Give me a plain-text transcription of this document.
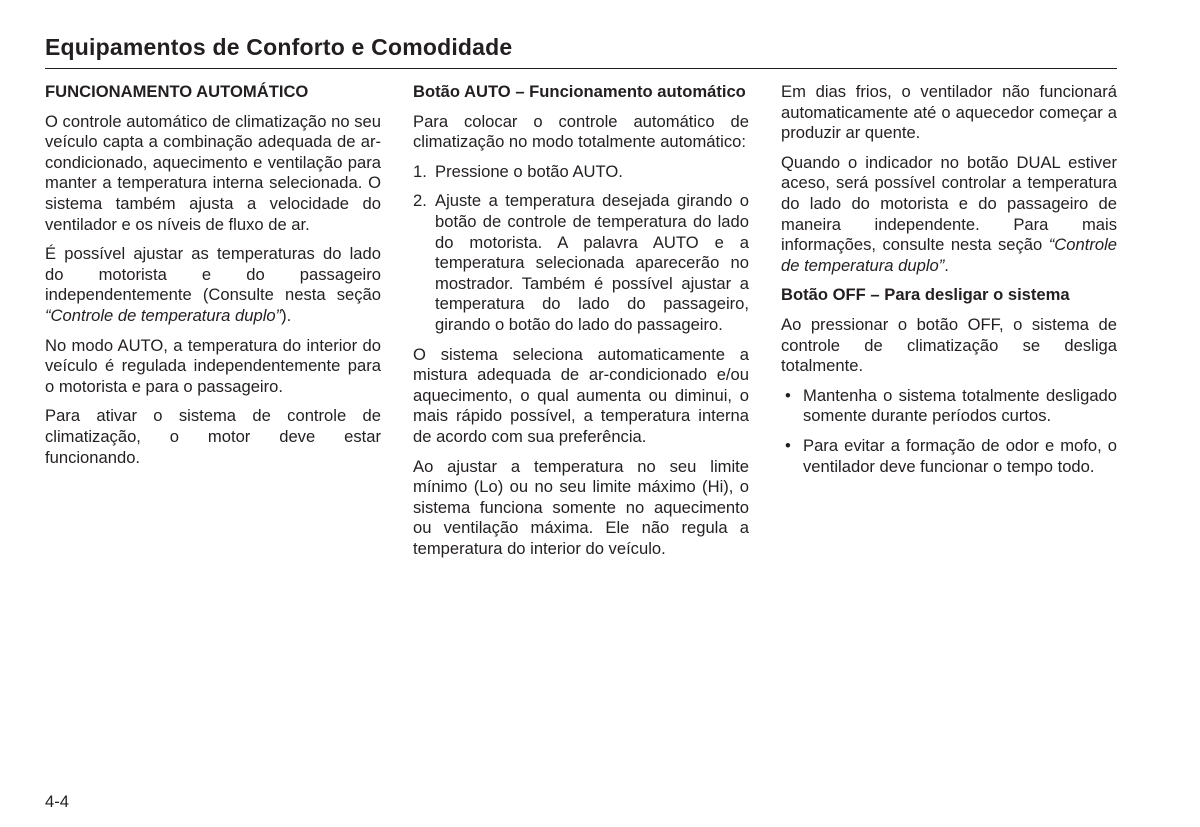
Equipamentos de Conforto e Comodidade
FUNCIONAMENTO AUTOMÁTICO

O controle automático de climatização no seu veículo capta a combinação adequada de ar-condicionado, aquecimento e ventilação para manter a temperatura interna selecionada. O sistema também ajusta a velocidade do ventilador e os níveis de fluxo de ar.

É possível ajustar as temperaturas do lado do motorista e do passageiro independentemente (Consulte nesta seção “Controle de temperatura duplo”).

No modo AUTO, a temperatura do interior do veículo é regulada independentemente para o motorista e para o passageiro.

Para ativar o sistema de controle de climatização, o motor deve estar funcionando.

Botão AUTO – Funcionamento automático

Para colocar o controle automático de climatização no modo totalmente automático:

1. Pressione o botão AUTO.
2. Ajuste a temperatura desejada girando o botão de controle de temperatura do lado do motorista. A palavra AUTO e a temperatura selecionada aparecerão no mostrador. Também é possível ajustar a temperatura do lado do passageiro, girando o botão do lado do passageiro.

O sistema seleciona automaticamente a mistura adequada de ar-condicionado e/ou aquecimento, o qual aumenta ou diminui, o mais rápido possível, a temperatura interna de acordo com sua preferência.

Ao ajustar a temperatura no seu limite mínimo (Lo) ou no seu limite máximo (Hi), o sistema funciona somente no aquecimento ou ventilação máxima. Ele não regula a temperatura do interior do veículo.

Em dias frios, o ventilador não funcionará automaticamente até o aquecedor começar a produzir ar quente.

Quando o indicador no botão DUAL estiver aceso, será possível controlar a temperatura do lado do motorista e do passageiro de maneira independente. Para mais informações, consulte nesta seção “Controle de temperatura duplo”.

Botão OFF – Para desligar o sistema

Ao pressionar o botão OFF, o sistema de controle de climatização se desliga totalmente.

• Mantenha o sistema totalmente desligado somente durante períodos curtos.
• Para evitar a formação de odor e mofo, o ventilador deve funcionar o tempo todo.
4-4
